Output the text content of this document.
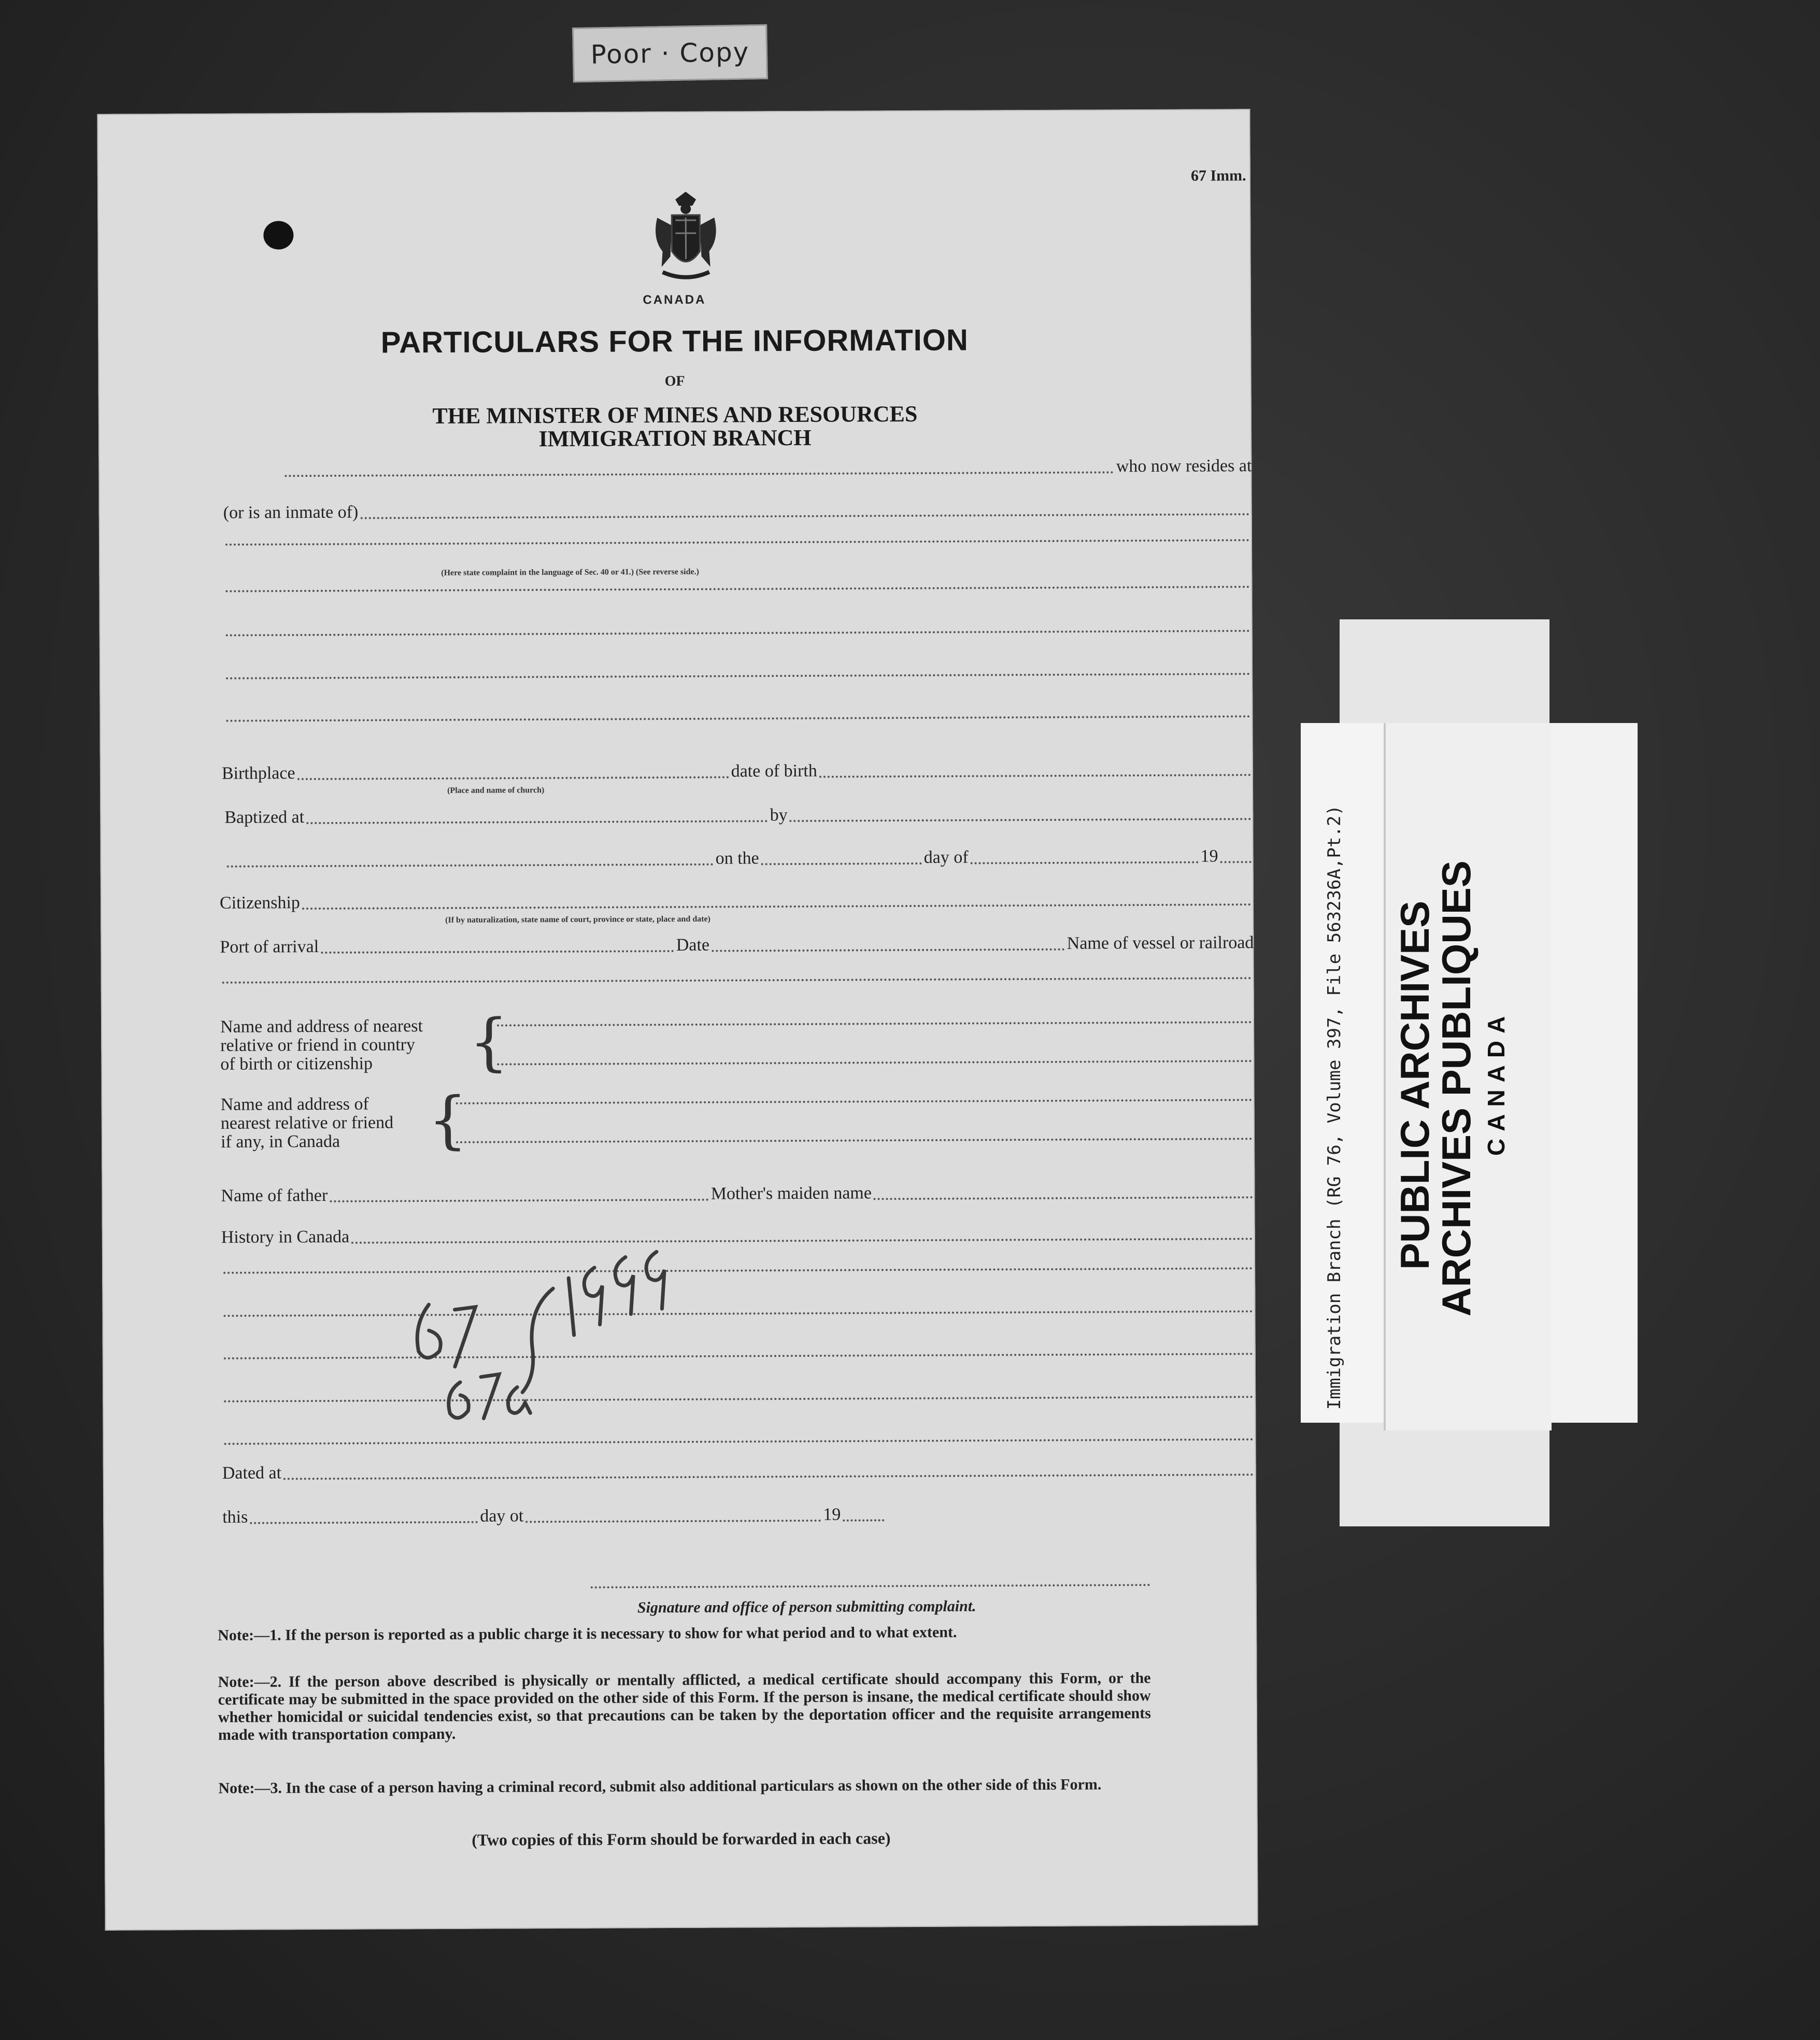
Poor · Copy
67 Imm.
CANADA
PARTICULARS FOR THE INFORMATION
OF
THE MINISTER OF MINES AND RESOURCES
IMMIGRATION BRANCH
who now resides at
(or is an inmate of)
(Here state complaint in the language of Sec. 40 or 41.) (See reverse side.)
Birthplace	date of birth
(Place and name of church)
Baptized at	by
on the	day of	19
Citizenship
(If by naturalization, state name of court, province or state, place and date)
Port of arrival	Date	Name of vessel or railroad
Name and address of nearest
relative or friend in country
of birth or citizenship	{
Name and address of
nearest relative or friend
if any, in Canada	{
Name of father	Mother's maiden name
History in Canada
Dated at
this	day ot	19
Signature and office of person submitting complaint.
Note:—1. If the person is reported as a public charge it is necessary to show for what period and to what extent.
Note:—2. If the person above described is physically or mentally afflicted, a medical certificate should accompany this Form, or the certificate may be submitted in the space provided on the other side of this Form. If the person is insane, the medical certificate should show whether homicidal or suicidal tendencies exist, so that precautions can be taken by the deportation officer and the requisite arrangements made with transportation company.
Note:—3. In the case of a person having a criminal record, submit also additional particulars as shown on the other side of this Form.
(Two copies of this Form should be forwarded in each case)
Immigration Branch (RG 76, Volume 397, File 563236A,Pt.2) PUBLIC ARCHIVES
ARCHIVES PUBLIQUES CANADA
